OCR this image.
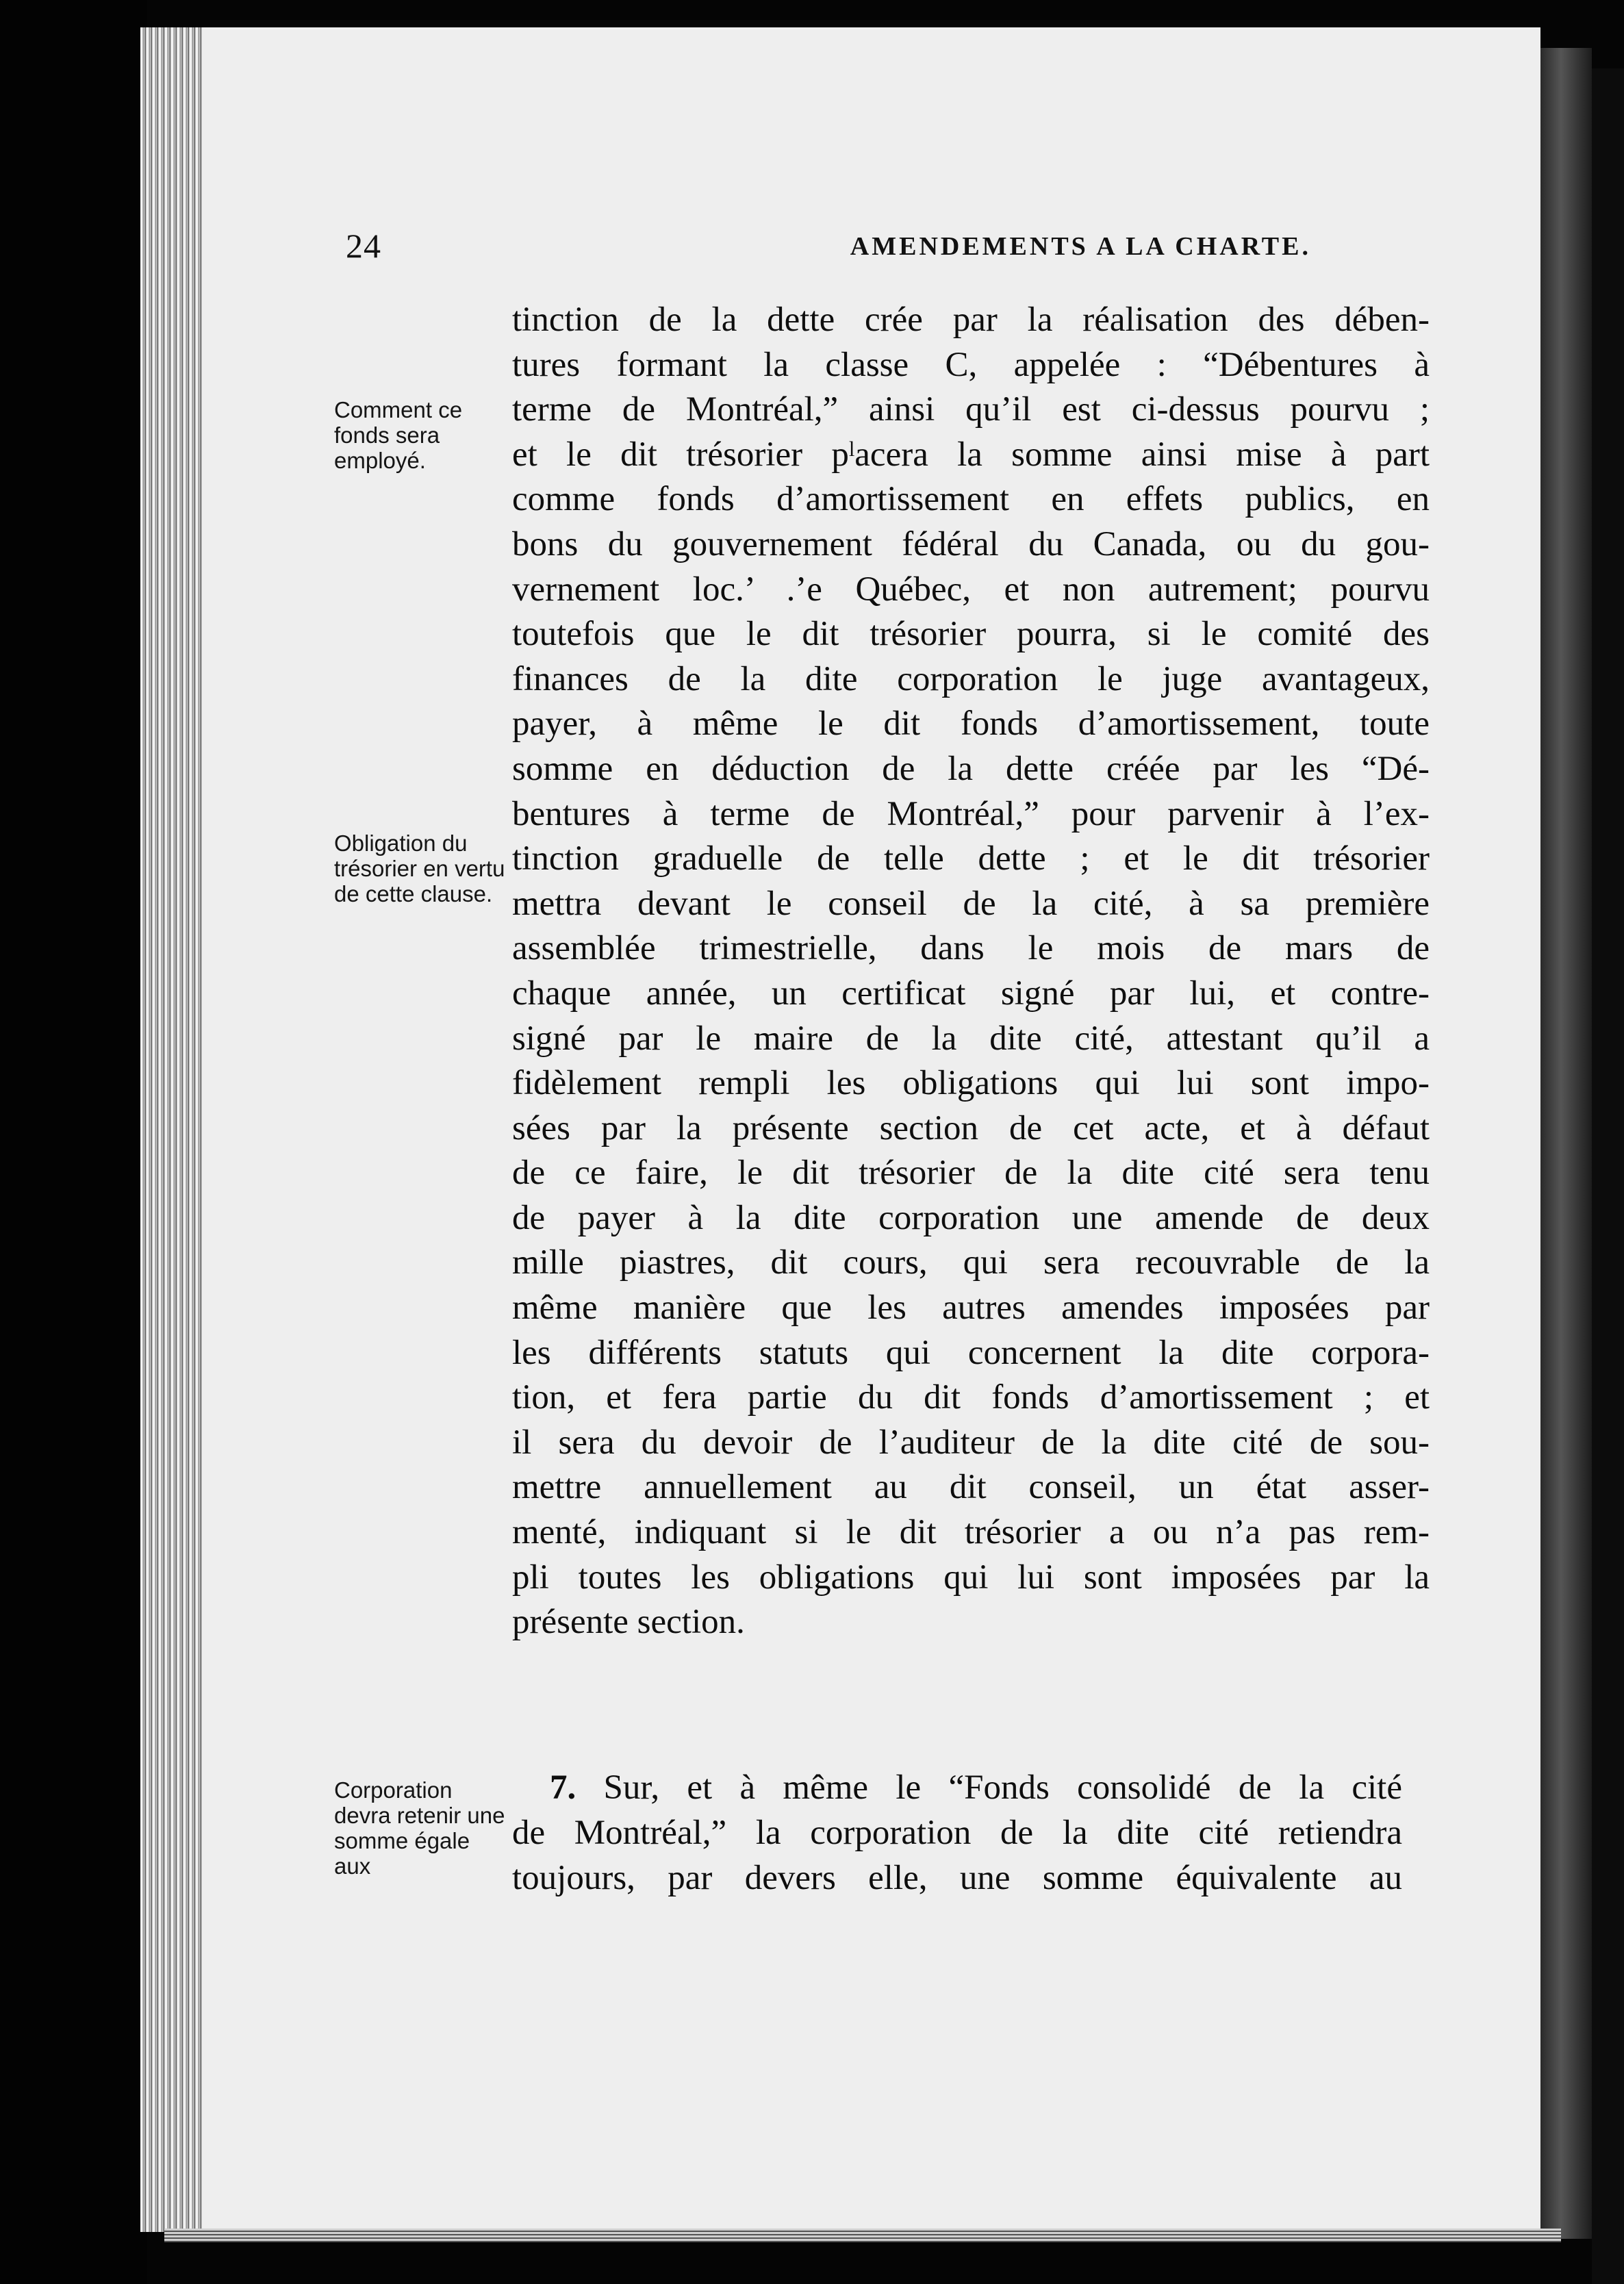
24	AMENDEMENTS A LA CHARTE.
Comment ce fonds sera employé.
Obligation du trésorier en vertu de cette clause.
Corporation devra retenir une somme égale aux
tinction de la dette crée par la réalisation des dében-
tures formant la classe C, appelée : “Débentures à
terme de Montréal,” ainsi qu’il est ci-dessus pourvu ;
et le dit trésorier pˡacera la somme ainsi mise à part
comme fonds d’amortissement en effets publics, en
bons du gouvernement fédéral du Canada, ou du gou-
vernement loc.’ .’e Québec, et non autrement; pourvu
toutefois que le dit trésorier pourra, si le comité des
finances de la dite corporation le juge avantageux,
payer, à même le dit fonds d’amortissement, toute
somme en déduction de la dette créée par les “Dé-
bentures à terme de Montréal,” pour parvenir à l’ex-
tinction graduelle de telle dette ; et le dit trésorier
mettra devant le conseil de la cité, à sa première
assemblée trimestrielle, dans le mois de mars de
chaque année, un certificat signé par lui, et contre-
signé par le maire de la dite cité, attestant qu’il a
fidèlement rempli les obligations qui lui sont impo-
sées par la présente section de cet acte, et à défaut
de ce faire, le dit trésorier de la dite cité sera tenu
de payer à la dite corporation une amende de deux
mille piastres, dit cours, qui sera recouvrable de la
même manière que les autres amendes imposées par
les différents statuts qui concernent la dite corpora-
tion, et fera partie du dit fonds d’amortissement ; et
il sera du devoir de l’auditeur de la dite cité de sou-
mettre annuellement au dit conseil, un état asser-
menté, indiquant si le dit trésorier a ou n’a pas rem-
pli toutes les obligations qui lui sont imposées par la
présente section.
7. Sur, et à même le “Fonds consolidé de la cité
de Montréal,” la corporation de la dite cité retiendra
toujours, par devers elle, une somme équivalente au
